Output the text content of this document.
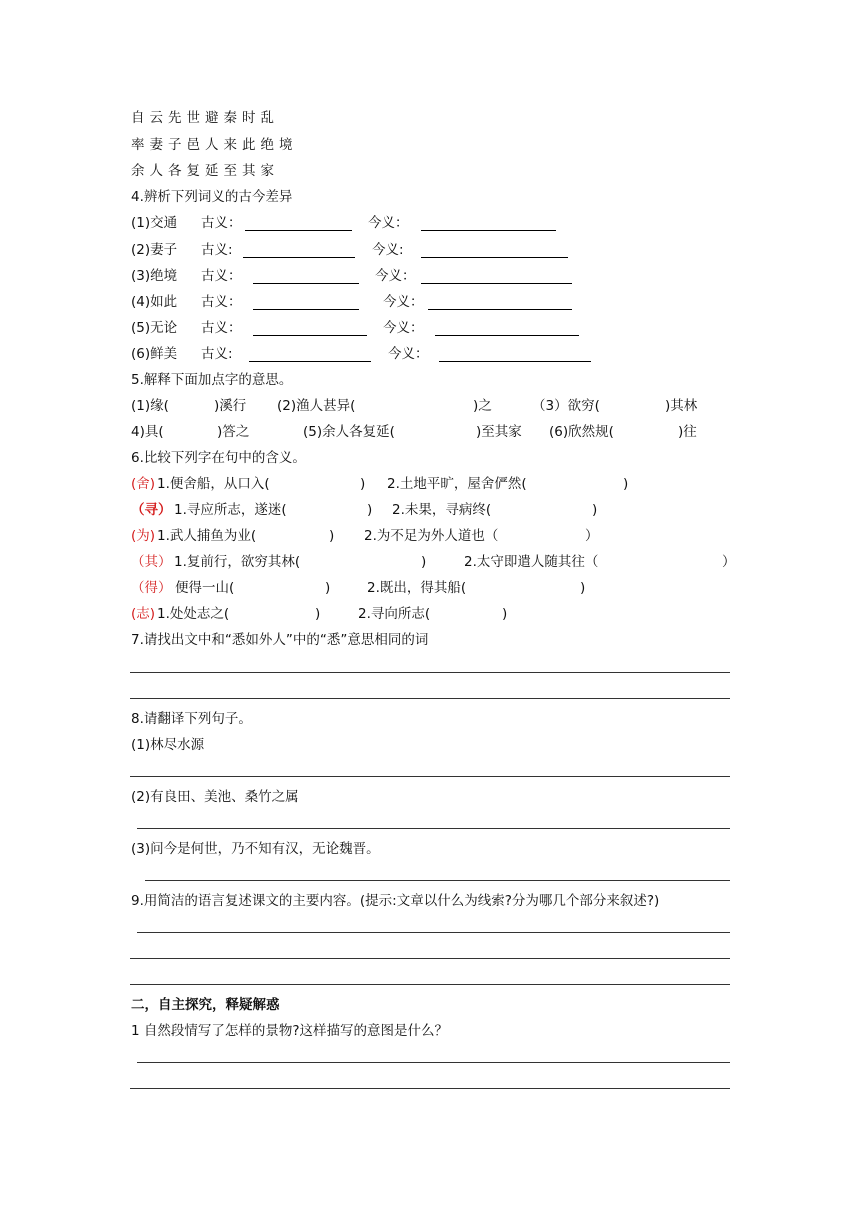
自云先世避秦时乱
率妻子邑人来此绝境
余人各复延至其家
4.辨析下列词义的古今差异
(1)交通 古义：	今义：
(2)妻子 古义:	今义:
(3)绝境 古义：	今义：
(4)如此 古义：	今义：
(5)无论 古义：	今义：
(6)鲜美 古义:	今义：
5.解释下面加点字的意思。
(1)缘(	)溪行 (2)渔人甚异(	)之	（3）欲穷(	)其林
4)具(	)答之	(5)余人各复延(	)至其家 (6)欣然规(	)往
6.比较下列字在句中的含义。
(舍) 1.便舍船，从口入(	) 2.土地平旷，屋舍俨然(	)
（寻） 1.寻应所志，遂迷(	) 2.未果，寻病终(	)
(为) 1.武人捕鱼为业(	) 2.为不足为外人道也（	）
（其） 1.复前行，欲穷其林(	)	2.太守即遣人随其往（	）
（得） 便得一山(	)	2.既出，得其船(	)
(志) 1.处处志之(	)	2.寻向所志(	)
7.请找出文中和“悉如外人”中的“悉”意思相同的词
8.请翻译下列句子。
(1)林尽水源
(2)有良田、美池、桑竹之属
(3)问今是何世，乃不知有汉，无论魏晋。
9.用简洁的语言复述课文的主要内容。(提示:文章以什么为线索?分为哪几个部分来叙述?)
二，自主探究，释疑解惑
1 自然段情写了怎样的景物?这样描写的意图是什么？
